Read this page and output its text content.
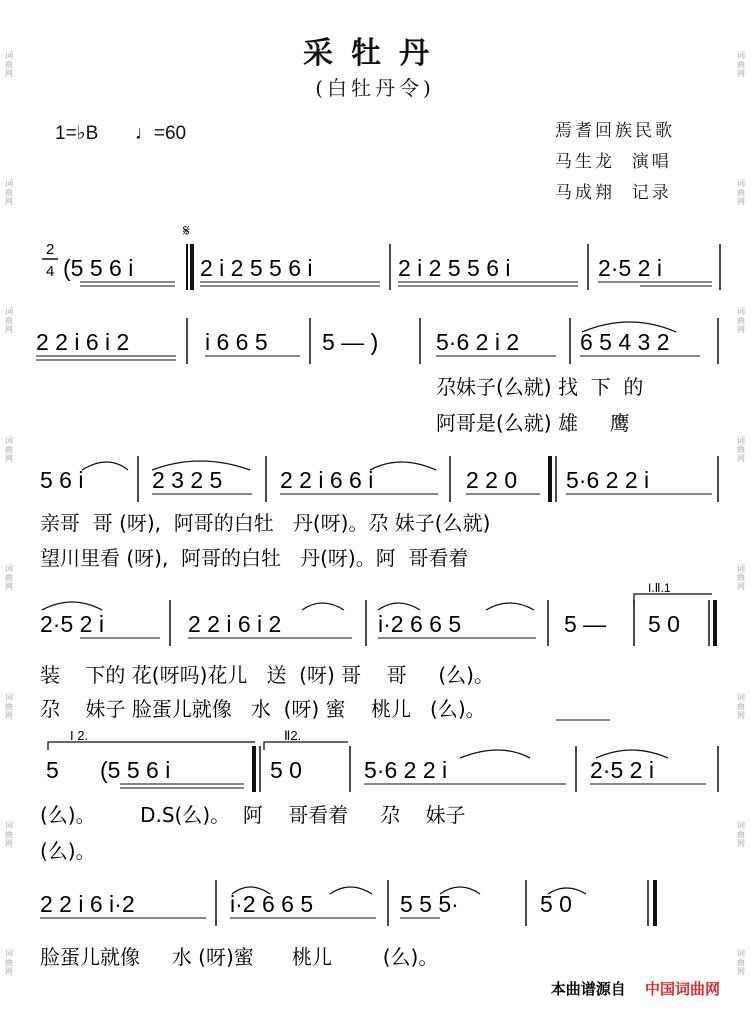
词曲网
词曲网
词曲网
词曲网
词曲网
词曲网
词曲网
词曲网
词曲网
词曲网
词曲网
词曲网
词曲网
词曲网
词曲网
词曲网
采牡丹
(白牡丹令)
1=♭B ♩=60	焉耆回族民歌
马生龙  演唱
马成翔  记录
2
4
𝄋
(5 5 6 i	2 i 2 5 5 6 i	2 i 2 5 5 6 i	2·5 2 i
2 2 i 6 i 2	i 6 6 5 5 — )	5·6 2 i 2	6 5 4 3 2
尕妹子(么就) 找  下  的
阿哥是(么就) 雄     鹰
5 6 i	2 3 2 5	2 2 i 6 6 i	2 2 0 5·6 2 2 i
亲哥  哥 (呀),  阿哥的白牡   丹(呀)。尕 妹子(么就)
望川里看 (呀),  阿哥的白牡   丹(呀)。阿  哥看着
I.Ⅱ.1
2·5 2 i	2 2 i 6 i 2	i·2 6 6 5	5 — 5 0
装    下的 花(呀吗)花儿   送  (呀) 哥    哥     (么)。
尕    妹子 脸蛋儿就像   水  (呀) 蜜    桃儿   (么)。
I 2.	Ⅱ2.
5 (5 5 6 i	5 0	5·6 2 2 i	2·5 2 i
(么)。       D.S(么)。  阿    哥看着     尕    妹子
(么)。
2 2 i 6 i·2	i·2 6 6 5	5 5 5·	5 0
脸蛋儿就像     水 (呀)蜜      桃儿        (么)。
本曲谱源自 中国词曲网
